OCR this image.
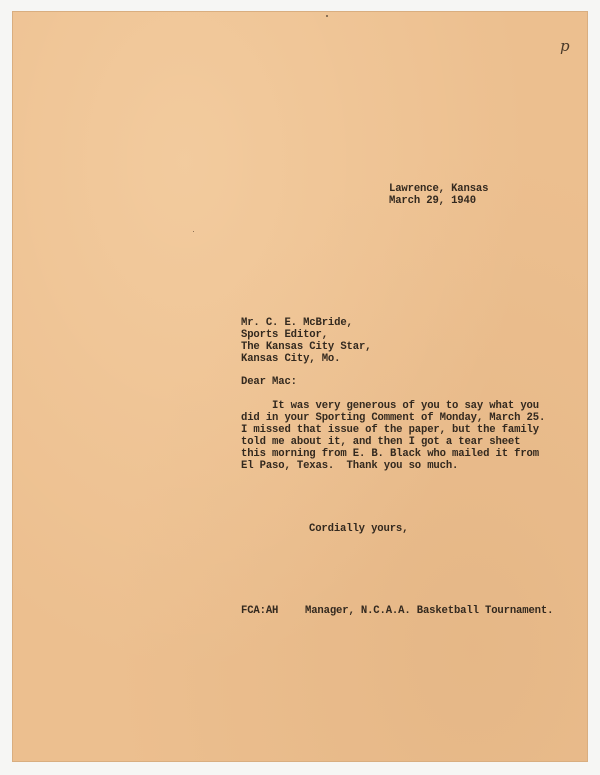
p
Lawrence, Kansas
March 29, 1940
Mr. C. E. McBride,
Sports Editor,
The Kansas City Star,
Kansas City, Mo.
Dear Mac:
It was very generous of you to say what you
did in your Sporting Comment of Monday, March 25.
I missed that issue of the paper, but the family
told me about it, and then I got a tear sheet
this morning from E. B. Black who mailed it from
El Paso, Texas.  Thank you so much.
Cordially yours,
FCA:AH	Manager, N.C.A.A. Basketball Tournament.
